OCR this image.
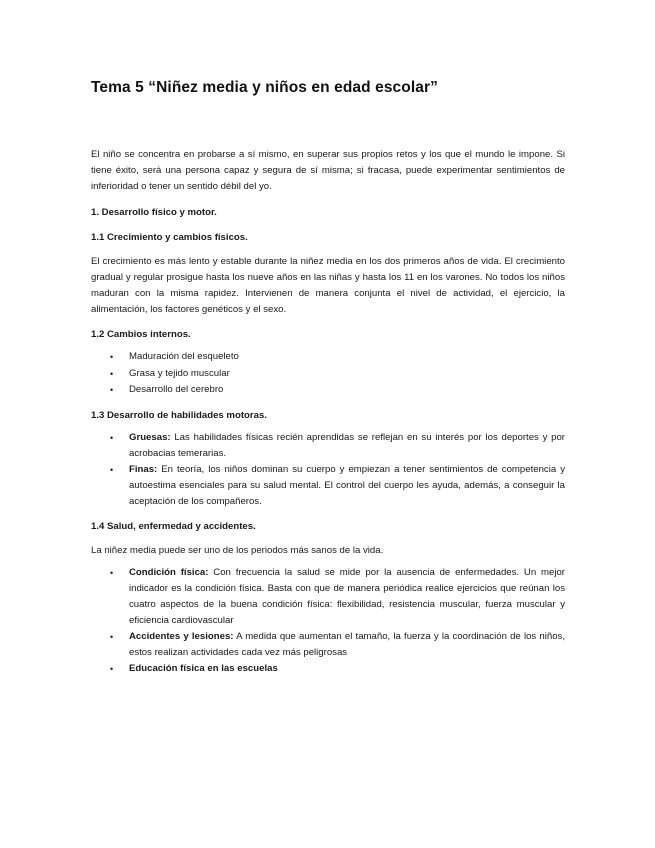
Tema 5 “Niñez media y niños en edad escolar”

El niño se concentra en probarse a sí mismo, en superar sus propios retos y los que el mundo le impone. Si tiene éxito, será una persona capaz y segura de sí misma; si fracasa, puede experimentar sentimientos de inferioridad o tener un sentido débil del yo.

1. Desarrollo físico y motor.
1.1 Crecimiento y cambios físicos.

El crecimiento es más lento y estable durante la niñez media en los dos primeros años de vida. El crecimiento gradual y regular prosigue hasta los nueve años en las niñas y hasta los 11 en los varones. No todos los niños maduran con la misma rapidez. Intervienen de manera conjunta el nivel de actividad, el ejercicio, la alimentación, los factores genéticos y el sexo.

1.2 Cambios internos.
• Maduración del esqueleto
• Grasa y tejido muscular
• Desarrollo del cerebro
1.3 Desarrollo de habilidades motoras.
• Gruesas: Las habilidades físicas recién aprendidas se reflejan en su interés por los deportes y por acrobacias temerarias.
• Finas: En teoría, los niños dominan su cuerpo y empiezan a tener sentimientos de competencia y autoestima esenciales para su salud mental. El control del cuerpo les ayuda, además, a conseguir la aceptación de los compañeros.
1.4 Salud, enfermedad y accidentes.

La niñez media puede ser uno de los periodos más sanos de la vida.

• Condición física: Con frecuencia la salud se mide por la ausencia de enfermedades. Un mejor indicador es la condición física. Basta con que de manera periódica realice ejercicios que reúnan los cuatro aspectos de la buena condición física: flexibilidad, resistencia muscular, fuerza muscular y eficiencia cardiovascular
• Accidentes y lesiones: A medida que aumentan el tamaño, la fuerza y la coordinación de los niños, estos realizan actividades cada vez más peligrosas
• Educación física en las escuelas
